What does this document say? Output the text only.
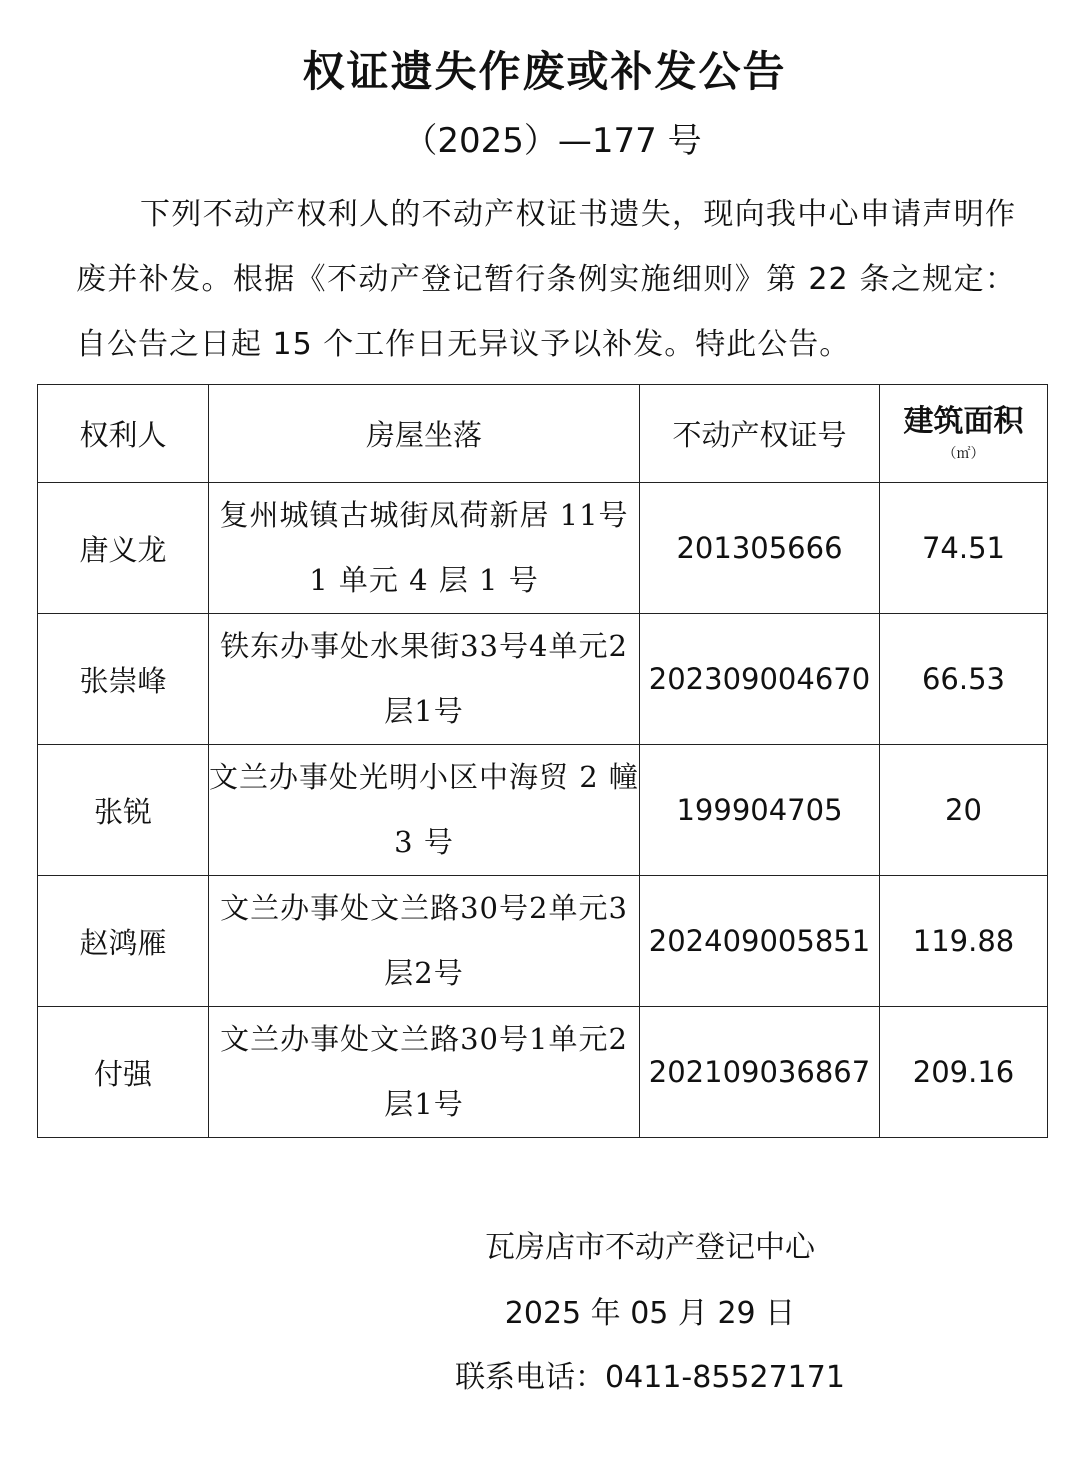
权证遗失作废或补发公告
（2025）—177 号
下列不动产权利人的不动产权证书遗失，现向我中心申请声明作废并补发。根据《不动产登记暂行条例实施细则》第 22 条之规定：自公告之日起 15 个工作日无异议予以补发。特此公告。
权利人	房屋坐落	不动产权证号	建筑面积
（㎡）

唐义龙	复州城镇古城街凤荷新居 11号 1 单元 4 层 1 号	201305666	74.51
张崇峰	铁东办事处水果街33号4单元2层1号	202309004670	66.53
张锐	文兰办事处光明小区中海贸 2 幢 3 号	199904705	20
赵鸿雁	文兰办事处文兰路30号2单元3层2号	202409005851	119.88
付强	文兰办事处文兰路30号1单元2层1号	202109036867	209.16
瓦房店市不动产登记中心
2025 年 05 月 29 日
联系电话：0411-85527171
